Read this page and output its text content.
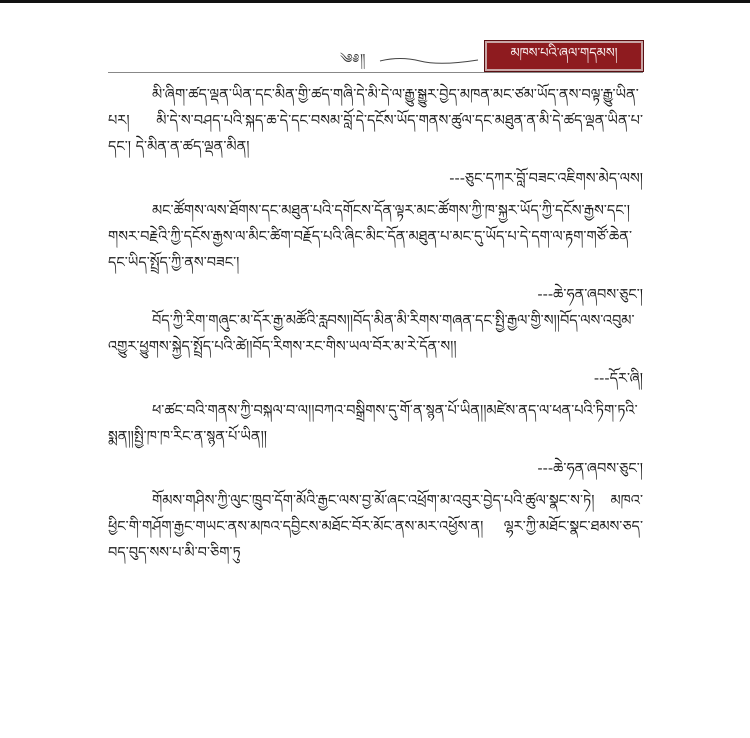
༄༅༎	མཁས་པའི་ཞལ་གདམས།

མི་ཞིག་ཚད་ལྡན་ཡིན་དང་མིན་གྱི་ཚད་གཞི་དེ་མི་དེ་ལ་རྒྱུ་སྒྱུར་བྱེད་མཁན་མང་ཙམ་ཡོད་ནས་བལྟ་རྒྱུ་ཡིན་པར། མི་དེ་ས་བཤད་པའི་སྐད་ཆ་དེ་དང་བསམ་བློ་དེ་དངོས་ཡོད་གནས་ཚུལ་དང་མཐུན་ན་མི་དེ་ཚད་ལྡན་ཡིན་པ་དང་། དེ་མིན་ན་ཚད་ལྡན་མིན།

---ཅུང་དཀར་བློ་བཟང་འཇིགས་མེད་ལས།

མང་ཚོགས་ལས་ཐོགས་དང་མཐུན་པའི་དགོངས་དོན་ལྟར་མང་ཚོགས་ཀྱི་ཁ་སྐྱར་ཡོད་ཀྱི་དངོས་རྒྱས་དང་། གསར་བརྗེའི་ཀྱི་དངོས་རྒྱས་ལ་མིང་ཚིག་བརྗོད་པའི་ཞིང་མིང་དོན་མཐུན་པ་མང་དུ་ཡོད་པ་དེ་དག་ལ་རྟག་གཙོ་ཆེན་དང་ཡིད་སྤྲོད་ཀྱི་ནས་བཟང་།

---ཆེ་ཧན་ཞབས་ཅུང་།

བོད་ཀྱི་རིག་གཞུང་མ་དོར་རྒྱ་མཚོའི་རླབས།།བོད་མིན་མི་རིགས་གཞན་དང་སྤྱི་རྒྱལ་གྱི་ས།།བོད་ལས་འབུམ་འགྱུར་ཕྱུགས་སྐྱེད་སྤྲོད་པའི་ཚེ།།བོད་རིགས་རང་གིས་ཡལ་བོར་མ་རེ་དོན་ས།།

---དོར་ཞི།

ཕ་ཚང་བའི་གནས་ཀྱི་བསྐལ་བ་ལ།།བཀའ་བསྒྲིགས་དུ་གོ་ན་སྙན་པོ་ཡིན།།མཛེས་ནད་ལ་ཕན་པའི་ཏིག་ཏའི་སྨན།།སྤྱི་ཁ་ཁ་རིང་ན་སྙན་པོ་ཡིན།།

---ཆེ་ཧན་ཞབས་ཅུང་།

གོམས་གཤིས་ཀྱི་ལུང་ཁྲུབ་དོག་མོའི་རྒྱང་ལས་བྱ་མོ་ཞང་འཕྲོག་མ་འབུར་བྱེད་པའི་ཚུལ་སྣང་ས་ཏེ། མཁའ་ཕྱིང་གི་གཤོག་རྒྱང་གཡང་ནས་མཁའ་དབྱིངས་མཐོང་བོར་མོང་ནས་མར་འཕྱོས་ན། ལྷར་ཀྱི་མཐོང་སྣང་ཐམས་ཅད་བད་བུད་སས་པ་མི་བ་ཅིག་ཏུ
